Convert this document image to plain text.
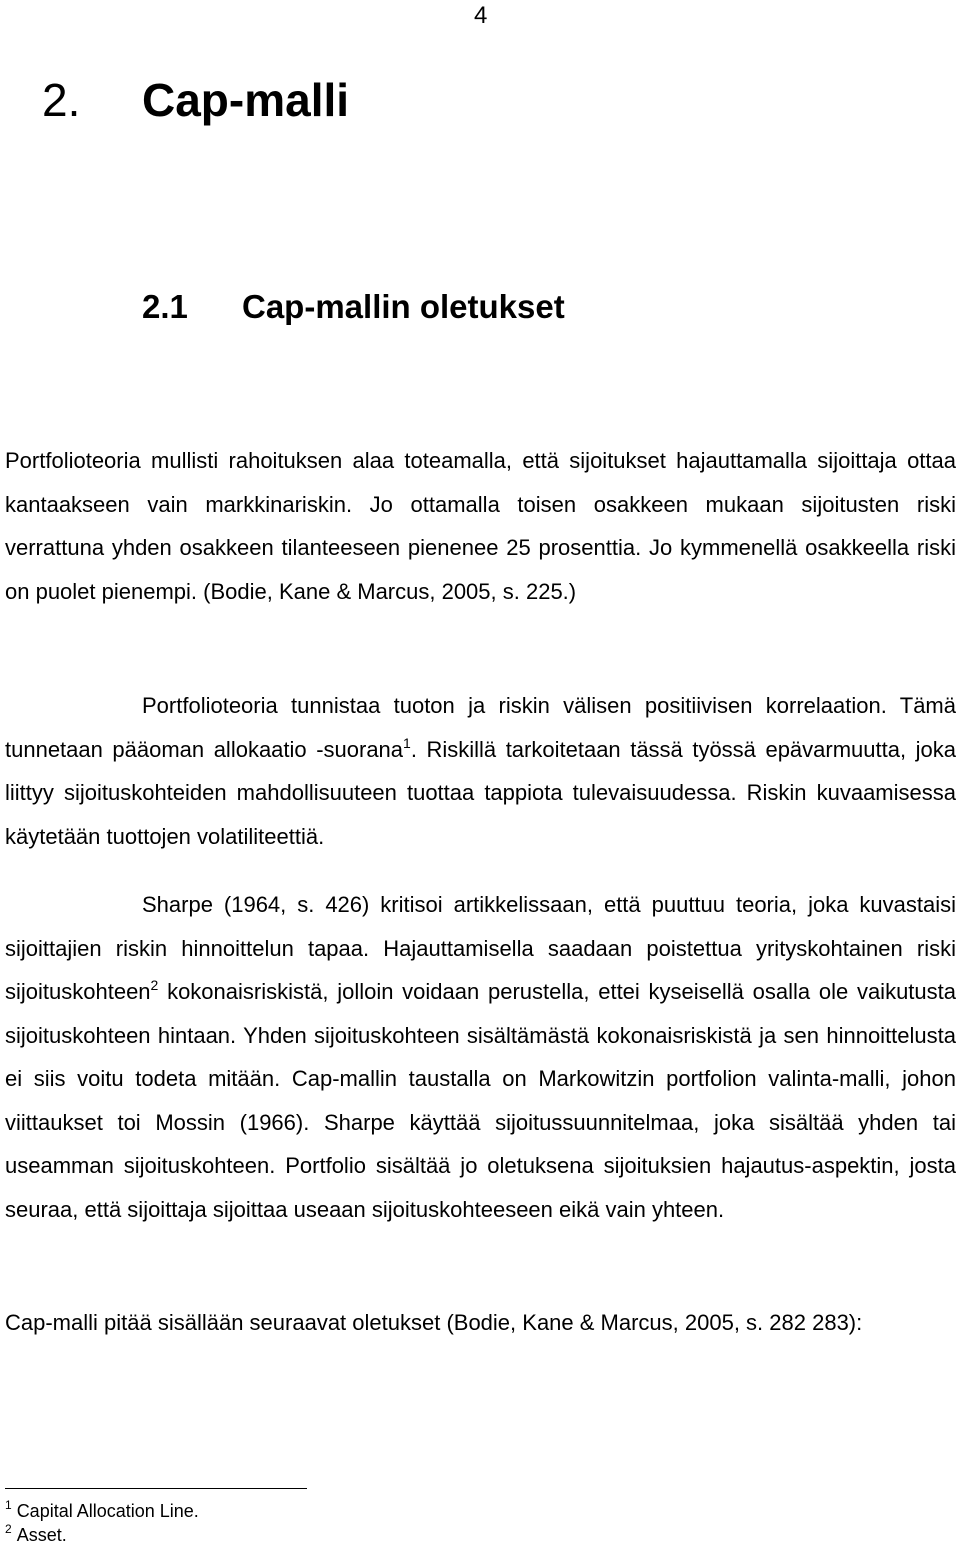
4
2. Cap-malli
2.1 Cap-mallin oletukset

Portfolioteoria mullisti rahoituksen alaa toteamalla, että sijoitukset hajauttamalla sijoittaja ottaa kantaakseen vain markkinariskin. Jo ottamalla toisen osakkeen mukaan sijoitusten riski verrattuna yhden osakkeen tilanteeseen pienenee 25 prosenttia. Jo kymmenellä osakkeella riski on puolet pienempi. (Bodie, Kane & Marcus, 2005, s. 225.)

Portfolioteoria tunnistaa tuoton ja riskin välisen positiivisen korrelaation. Tämä tunnetaan pääoman allokaatio -suorana$^1$. Riskillä tarkoitetaan tässä työssä epävarmuutta, joka liittyy sijoituskohteiden mahdollisuuteen tuottaa tappiota tulevaisuudessa. Riskin kuvaamisessa käytetään tuottojen volatiliteettiä.

Sharpe (1964, s. 426) kritisoi artikkelissaan, että puuttuu teoria, joka kuvastaisi sijoittajien riskin hinnoittelun tapaa. Hajauttamisella saadaan poistettua yrityskohtainen riski sijoituskohteen$^2$ kokonaisriskistä, jolloin voidaan perustella, ettei kyseisellä osalla ole vaikutusta sijoituskohteen hintaan. Yhden sijoituskohteen sisältämästä kokonaisriskistä ja sen hinnoittelusta ei siis voitu todeta mitään. Cap-mallin taustalla on Markowitzin portfolion valinta-malli, johon viittaukset toi Mossin (1966). Sharpe käyttää sijoitussuunnitelmaa, joka sisältää yhden tai useamman sijoituskohteen. Portfolio sisältää jo oletuksena sijoituksien hajautus-aspektin, josta seuraa, että sijoittaja sijoittaa useaan sijoituskohteeseen eikä vain yhteen.

Cap-malli pitää sisällään seuraavat oletukset (Bodie, Kane & Marcus, 2005, s. 282 283):

$^1$ Capital Allocation Line.
$^2$ Asset.
